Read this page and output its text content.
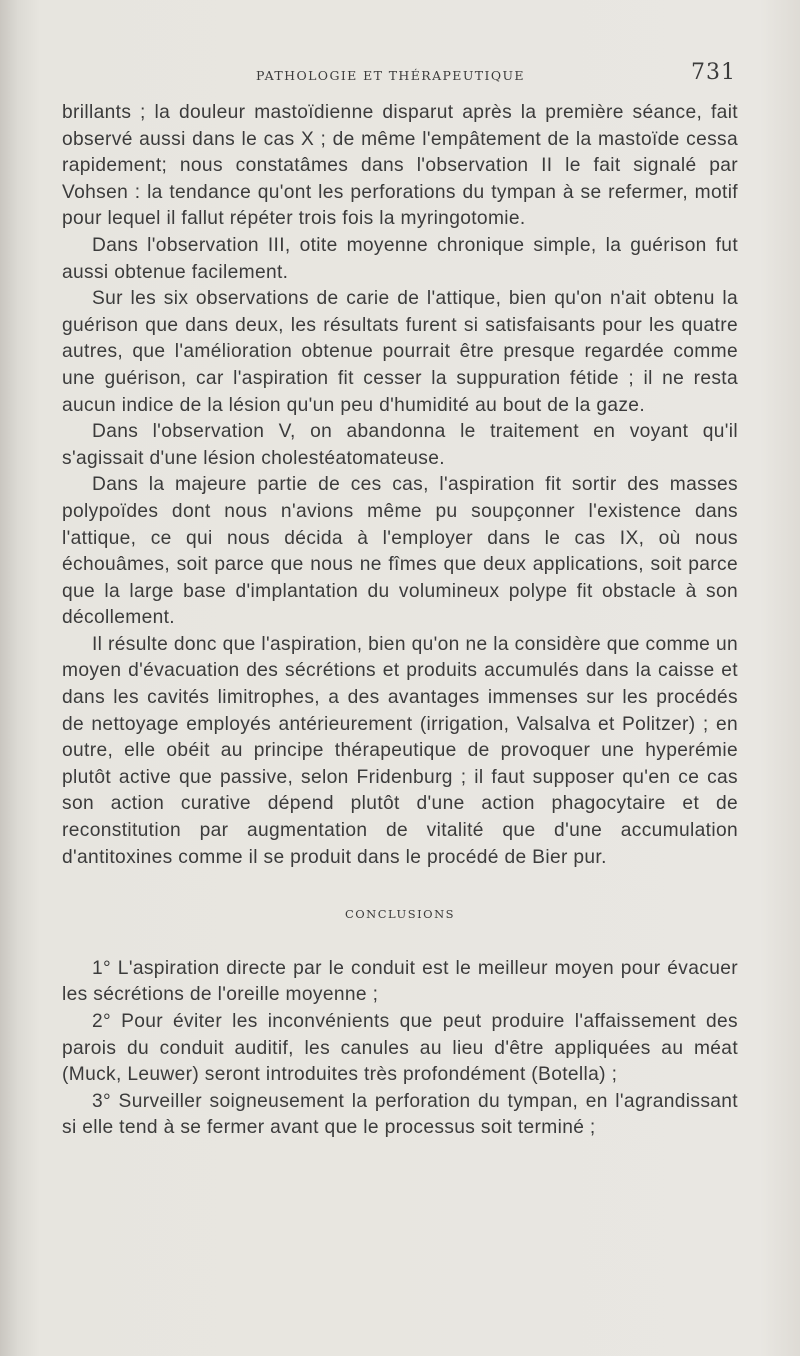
PATHOLOGIE ET THÉRAPEUTIQUE	731

brillants ; la douleur mastoïdienne disparut après la première séance, fait observé aussi dans le cas X ; de même l'empâtement de la mastoïde cessa rapidement; nous constatâmes dans l'observation II le fait signalé par Vohsen : la tendance qu'ont les perforations du tympan à se refermer, motif pour lequel il fallut répéter trois fois la myringotomie.

Dans l'observation III, otite moyenne chronique simple, la guérison fut aussi obtenue facilement.

Sur les six observations de carie de l'attique, bien qu'on n'ait obtenu la guérison que dans deux, les résultats furent si satisfaisants pour les quatre autres, que l'amélioration obtenue pourrait être presque regardée comme une guérison, car l'aspiration fit cesser la suppuration fétide ; il ne resta aucun indice de la lésion qu'un peu d'humidité au bout de la gaze.

Dans l'observation V, on abandonna le traitement en voyant qu'il s'agissait d'une lésion cholestéatomateuse.

Dans la majeure partie de ces cas, l'aspiration fit sortir des masses polypoïdes dont nous n'avions même pu soupçonner l'existence dans l'attique, ce qui nous décida à l'employer dans le cas IX, où nous échouâmes, soit parce que nous ne fîmes que deux applications, soit parce que la large base d'implantation du volumineux polype fit obstacle à son décollement.

Il résulte donc que l'aspiration, bien qu'on ne la considère que comme un moyen d'évacuation des sécrétions et produits accumulés dans la caisse et dans les cavités limitrophes, a des avantages immenses sur les procédés de nettoyage employés antérieurement (irrigation, Valsalva et Politzer) ; en outre, elle obéit au principe thérapeutique de provoquer une hyperémie plutôt active que passive, selon Fridenburg ; il faut supposer qu'en ce cas son action curative dépend plutôt d'une action phagocytaire et de reconstitution par augmentation de vitalité que d'une accumulation d'antitoxines comme il se produit dans le procédé de Bier pur.

CONCLUSIONS

1° L'aspiration directe par le conduit est le meilleur moyen pour évacuer les sécrétions de l'oreille moyenne ;

2° Pour éviter les inconvénients que peut produire l'affaissement des parois du conduit auditif, les canules au lieu d'être appliquées au méat (Muck, Leuwer) seront introduites très profondément (Botella) ;

3° Surveiller soigneusement la perforation du tympan, en l'agrandissant si elle tend à se fermer avant que le processus soit terminé ;
